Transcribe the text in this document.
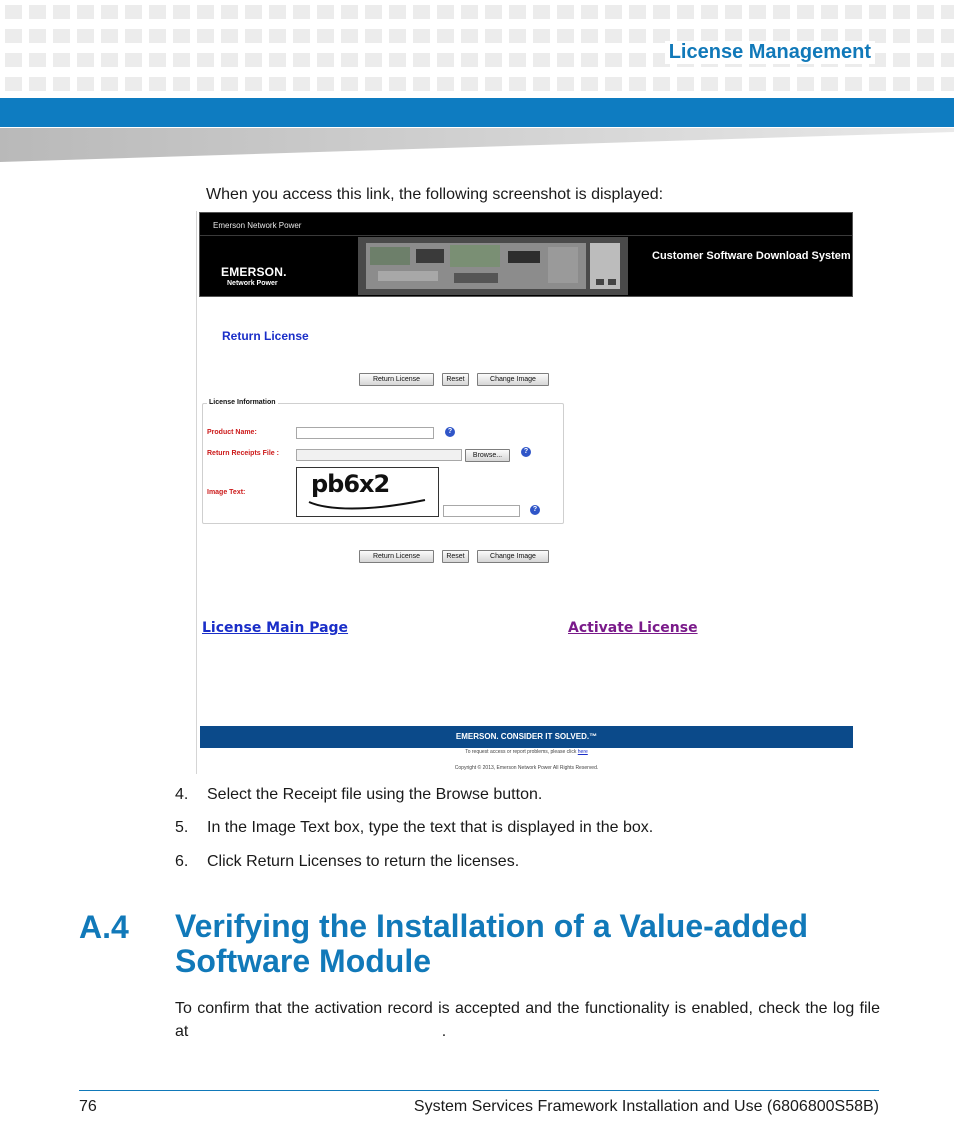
License Management
When you access this link, the following screenshot is displayed:
Emerson Network Power
EMERSON.
Network Power
Customer Software Download System
Return License
Return License	Reset	Change Image
License Information
Product Name:	?
Return Receipts File :	Browse...
?
Image Text:	pb6x2
?
Return License	Reset	Change Image
License Main Page	Activate License
EMERSON. CONSIDER IT SOLVED.™
To request access or report problems, please click here
Copyright © 2013, Emerson Network Power All Rights Reserved.
4. Select the Receipt file using the Browse button.
5. In the Image Text box, type the text that is displayed in the box.
6. Click Return Licenses to return the licenses.
A.4 Verifying the Installation of a Value-added Software Module
To confirm that the activation record is accepted and the functionality is enabled, check the log file at                                                         .
76	System Services Framework Installation and Use (6806800S58B)
